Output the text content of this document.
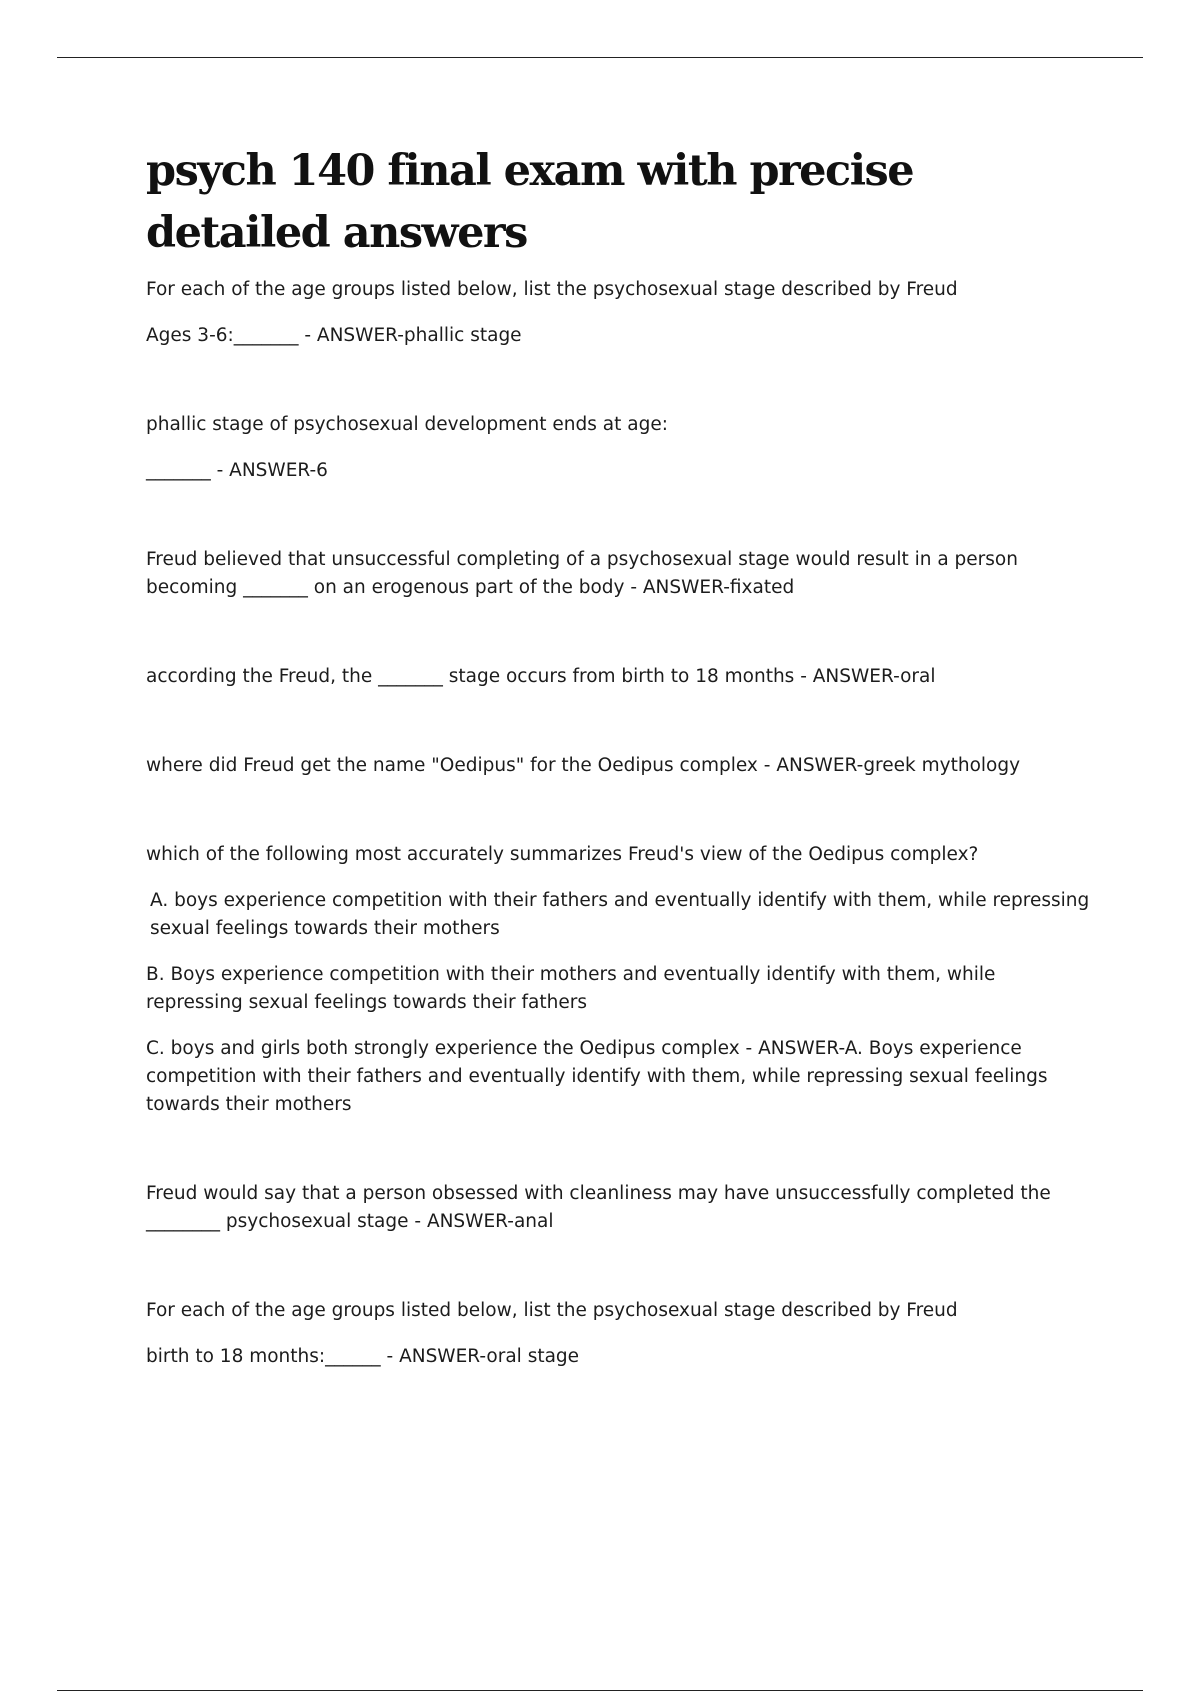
psych 140 final exam with precise detailed answers

For each of the age groups listed below, list the psychosexual stage described by Freud

Ages 3-6:_______ - ANSWER-phallic stage

phallic stage of psychosexual development ends at age:

_______ - ANSWER-6

Freud believed that unsuccessful completing of a psychosexual stage would result in a person becoming _______ on an erogenous part of the body - ANSWER-fixated

according the Freud, the _______ stage occurs from birth to 18 months - ANSWER-oral

where did Freud get the name "Oedipus" for the Oedipus complex - ANSWER-greek mythology

which of the following most accurately summarizes Freud's view of the Oedipus complex?

A. boys experience competition with their fathers and eventually identify with them, while repressing sexual feelings towards their mothers

B. Boys experience competition with their mothers and eventually identify with them, while repressing sexual feelings towards their fathers

C. boys and girls both strongly experience the Oedipus complex - ANSWER-A. Boys experience competition with their fathers and eventually identify with them, while repressing sexual feelings towards their mothers

Freud would say that a person obsessed with cleanliness may have unsuccessfully completed the ________ psychosexual stage - ANSWER-anal

For each of the age groups listed below, list the psychosexual stage described by Freud

birth to 18 months:______ - ANSWER-oral stage
